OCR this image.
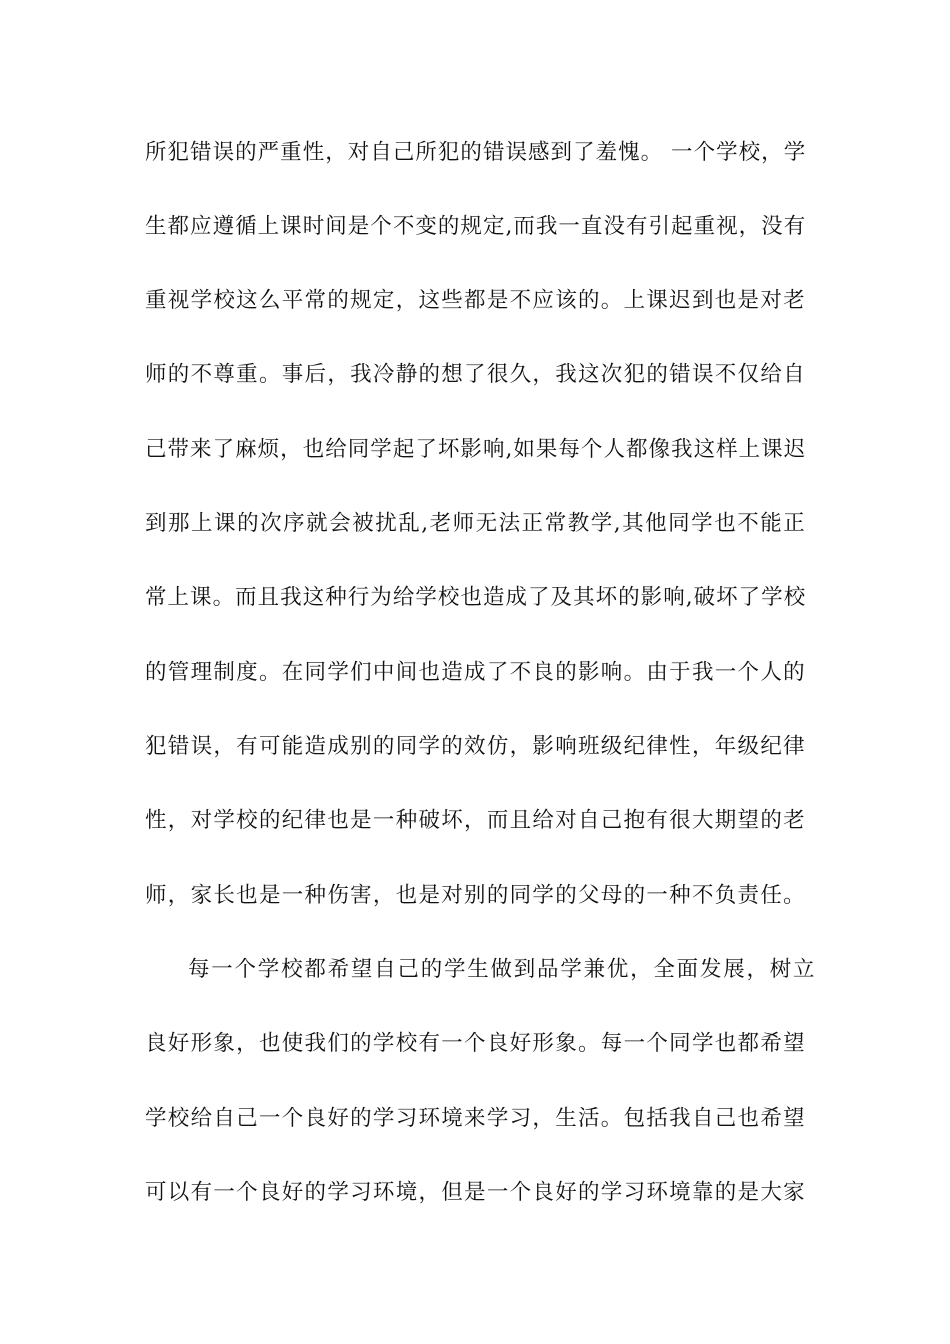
所犯错误的严重性，对自己所犯的错误感到了羞愧。 一个学校，学
生都应遵循上课时间是个不变的规定,而我一直没有引起重视，没有
重视学校这么平常的规定，这些都是不应该的。上课迟到也是对老
师的不尊重。事后，我冷静的想了很久，我这次犯的错误不仅给自
己带来了麻烦，也给同学起了坏影响,如果每个人都像我这样上课迟
到那上课的次序就会被扰乱,老师无法正常教学,其他同学也不能正
常上课。而且我这种行为给学校也造成了及其坏的影响,破坏了学校
的管理制度。在同学们中间也造成了不良的影响。由于我一个人的
犯错误，有可能造成别的同学的效仿，影响班级纪律性，年级纪律
性，对学校的纪律也是一种破坏，而且给对自己抱有很大期望的老
师，家长也是一种伤害，也是对别的同学的父母的一种不负责任。
每一个学校都希望自己的学生做到品学兼优，全面发展，树立
良好形象，也使我们的学校有一个良好形象。每一个同学也都希望
学校给自己一个良好的学习环境来学习，生活。包括我自己也希望
可以有一个良好的学习环境，但是一个良好的学习环境靠的是大家
